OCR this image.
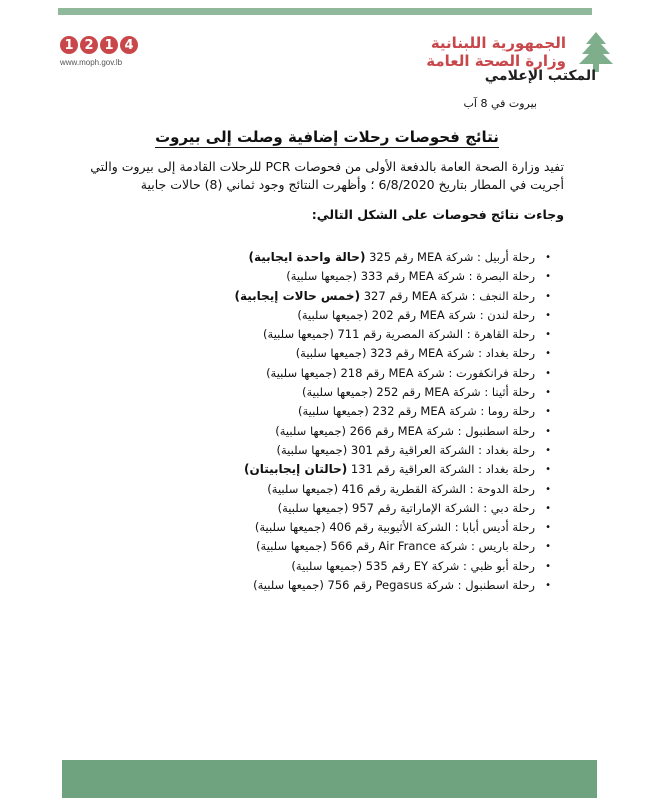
1 2 1 4
www.moph.gov.lb
الجمهورية اللبنانية
وزارة الصحة العامة
المكتب الإعلامي
بيروت في 8 آب
نتائج فحوصات رحلات إضافية وصلت إلى بيروت
تفيد وزارة الصحة العامة بالدفعة الأولى من فحوصات PCR للرحلات القادمة إلى بيروت والتي أجريت في المطار بتاريخ 6/8/2020 ؛ وأظهرت النتائج وجود ثماني (8) حالات جابية
وجاءت نتائج فحوصات على الشكل التالي:
•
رحلة أربيل : شركة MEA رقم 325 (حالة واحدة ايجابية)
•
رحلة البصرة : شركة MEA رقم 333 (جميعها سلبية)
•
رحلة النجف : شركة MEA رقم 327 (خمس حالات إيجابية)
•
رحلة لندن : شركة MEA رقم 202 (جميعها سلبية)
•
رحلة القاهرة : الشركة المصرية رقم 711 (جميعها سلبية)
•
رحلة بغداد : شركة MEA رقم 323 (جميعها سلبية)
•
رحلة فرانكفورت : شركة MEA رقم 218 (جميعها سلبية)
•
رحلة أثينا : شركة MEA رقم 252 (جميعها سلبية)
•
رحلة روما : شركة MEA رقم 232 (جميعها سلبية)
•
رحلة اسطنبول : شركة MEA رقم 266 (جميعها سلبية)
•
رحلة بغداد : الشركة العراقية رقم 301 (جميعها سلبية)
•
رحلة بغداد : الشركة العراقية رقم 131 (حالتان إيجابيتان)
•
رحلة الدوحة : الشركة القطرية رقم 416 (جميعها سلبية)
•
رحلة دبي : الشركة الإماراتية رقم 957 (جميعها سلبية)
•
رحلة أديس أبابا : الشركة الأثيوبية رقم 406 (جميعها سلبية)
•
رحلة باريس : شركة Air France رقم 566 (جميعها سلبية)
•
رحلة أبو ظبي : شركة EY رقم 535 (جميعها سلبية)
•
رحلة اسطنبول : شركة Pegasus رقم 756 (جميعها سلبية)
